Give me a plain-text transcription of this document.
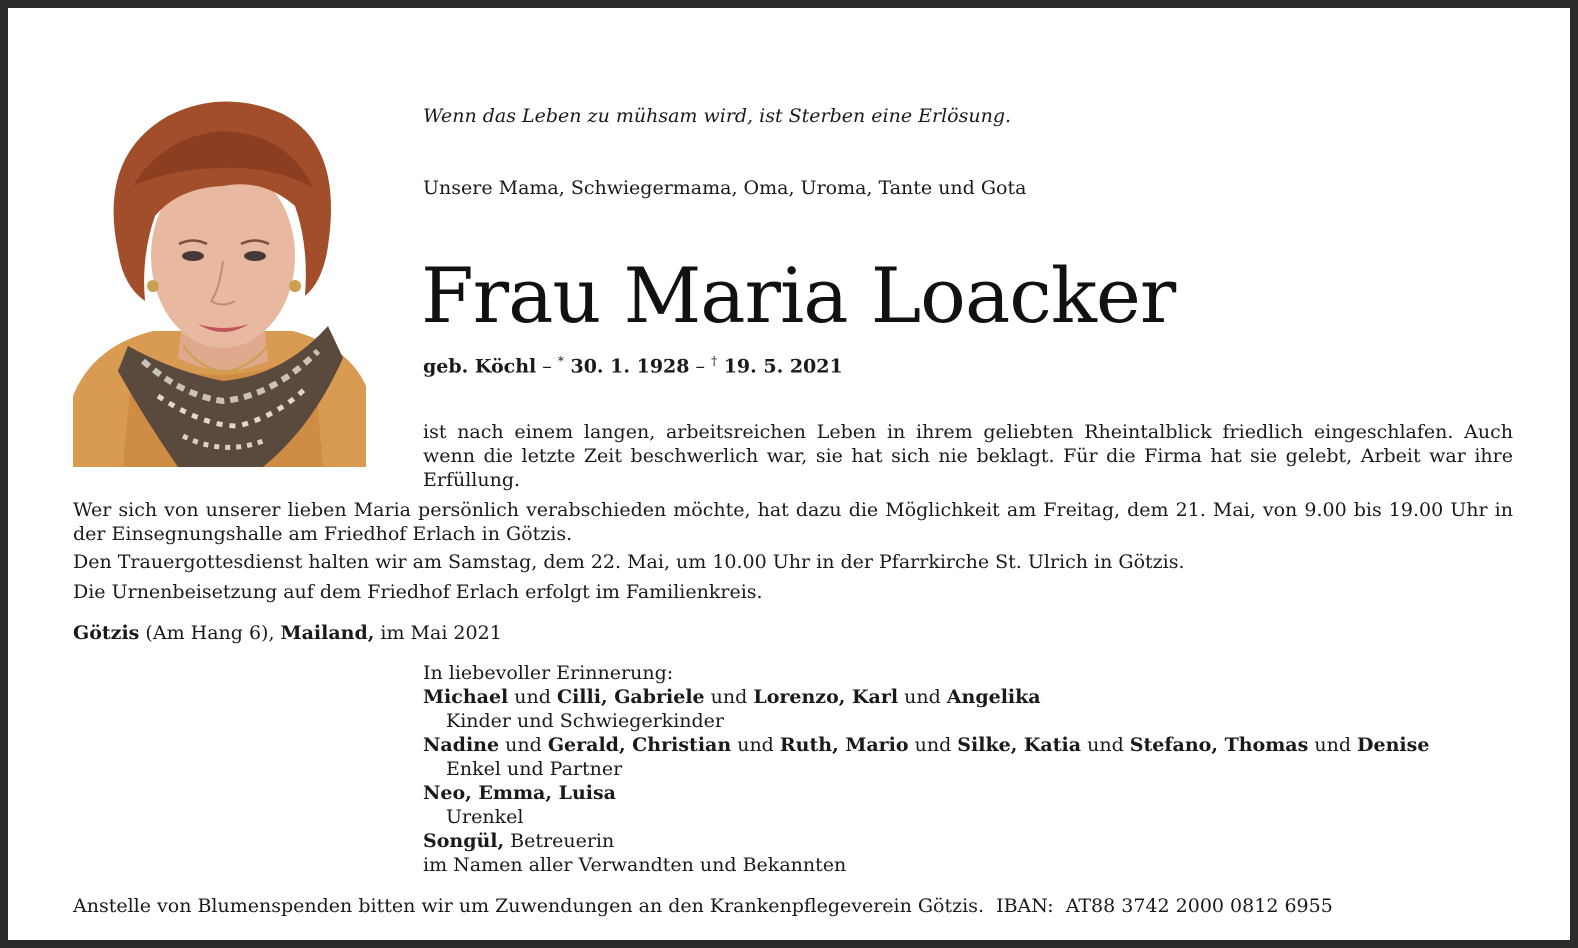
Wenn das Leben zu mühsam wird, ist Sterben eine Erlösung.
Unsere Mama, Schwiegermama, Oma, Uroma, Tante und Gota
Frau Maria Loacker
geb. Köchl – * 30. 1. 1928 – † 19. 5. 2021
ist nach einem langen, arbeitsreichen Leben in ihrem geliebten Rheintalblick friedlich eingeschlafen. Auch wenn die letzte Zeit beschwerlich war, sie hat sich nie beklagt. Für die Firma hat sie gelebt, Arbeit war ihre Erfüllung.
Wer sich von unserer lieben Maria persönlich verabschieden möchte, hat dazu die Möglichkeit am Freitag, dem 21. Mai, von 9.00 bis 19.00 Uhr in der Einsegnungshalle am Friedhof Erlach in Götzis.
Den Trauergottesdienst halten wir am Samstag, dem 22. Mai, um 10.00 Uhr in der Pfarrkirche St. Ulrich in Götzis.
Die Urnenbeisetzung auf dem Friedhof Erlach erfolgt im Familienkreis.
Götzis (Am Hang 6), Mailand, im Mai 2021
In liebevoller Erinnerung:
Michael und Cilli, Gabriele und Lorenzo, Karl und Angelika
Kinder und Schwiegerkinder
Nadine und Gerald, Christian und Ruth, Mario und Silke, Katia und Stefano, Thomas und Denise
Enkel und Partner
Neo, Emma, Luisa
Urenkel
Songül, Betreuerin
im Namen aller Verwandten und Bekannten
Anstelle von Blumenspenden bitten wir um Zuwendungen an den Krankenpflegeverein Götzis.  IBAN:  AT88 3742 2000 0812 6955
